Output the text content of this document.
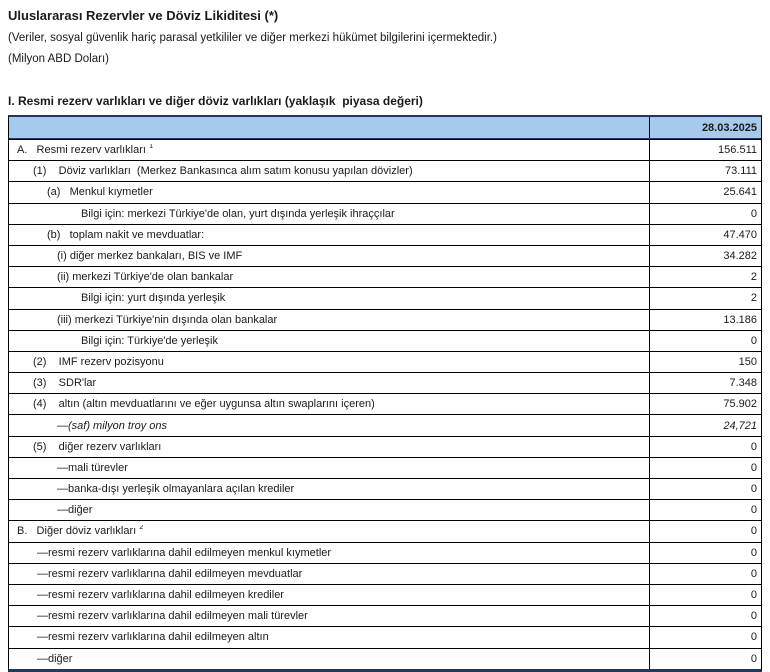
Uluslararası Rezervler ve Döviz Likiditesi (*)
(Veriler, sosyal güvenlik hariç parasal yetkililer ve diğer merkezi hükümet bilgilerini içermektedir.)
(Milyon ABD Doları)
I. Resmi rezerv varlıkları ve diğer döviz varlıkları (yaklaşık  piyasa değeri)
28.03.2025
A.   Resmi rezerv varlıkları $^1$	156.511
(1)    Döviz varlıkları  (Merkez Bankasınca alım satım konusu yapılan dövizler)	73.111
(a)   Menkul kıymetler	25.641
Bilgi için: merkezi Türkiye'de olan, yurt dışında yerleşik ihraççılar	0
(b)   toplam nakit ve mevduatlar:	47.470
(i) diğer merkez bankaları, BIS ve IMF	34.282
(ii) merkezi Türkiye'de olan bankalar	2
Bilgi için: yurt dışında yerleşik	2
(iii) merkezi Türkiye'nin dışında olan bankalar	13.186
Bilgi için: Türkiye'de yerleşik	0
(2)    IMF rezerv pozisyonu	150
(3)    SDR'lar	7.348
(4)    altın (altın mevduatlarını ve eğer uygunsa altın swaplarını içeren)	75.902
—(saf) milyon troy ons	24,721
(5)    diğer rezerv varlıkları	0
—mali türevler	0
—banka-dışı yerleşik olmayanlara açılan krediler	0
—diğer	0
B.   Diğer döviz varlıkları $^2$	0
—resmi rezerv varlıklarına dahil edilmeyen menkul kıymetler	0
—resmi rezerv varlıklarına dahil edilmeyen mevduatlar	0
—resmi rezerv varlıklarına dahil edilmeyen krediler	0
—resmi rezerv varlıklarına dahil edilmeyen mali türevler	0
—resmi rezerv varlıklarına dahil edilmeyen altın	0
—diğer	0
